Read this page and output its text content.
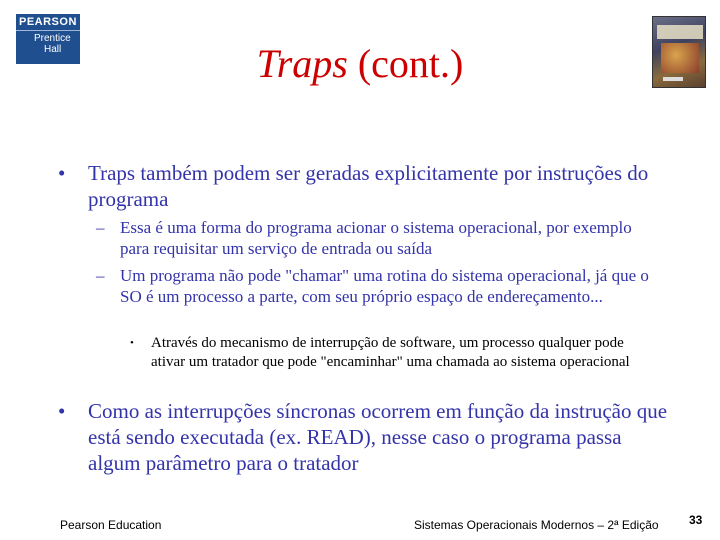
PEARSON
Prentice
Hall	Traps (cont.)
• Traps também podem ser geradas explicitamente por instruções do programa
– Essa é uma forma do programa acionar o sistema operacional, por exemplo para requisitar um serviço de entrada ou saída
– Um programa não pode "chamar" uma rotina do sistema operacional, já que o SO é um processo a parte, com seu próprio espaço de endereçamento...
• Através do mecanismo de interrupção de software, um processo qualquer pode ativar um tratador que pode "encaminhar" uma chamada ao sistema operacional
• Como as interrupções síncronas ocorrem em função da instrução que está sendo executada (ex. READ), nesse caso o programa passa algum parâmetro para o tratador
Pearson Education	Sistemas Operacionais Modernos – 2ª Edição	33
